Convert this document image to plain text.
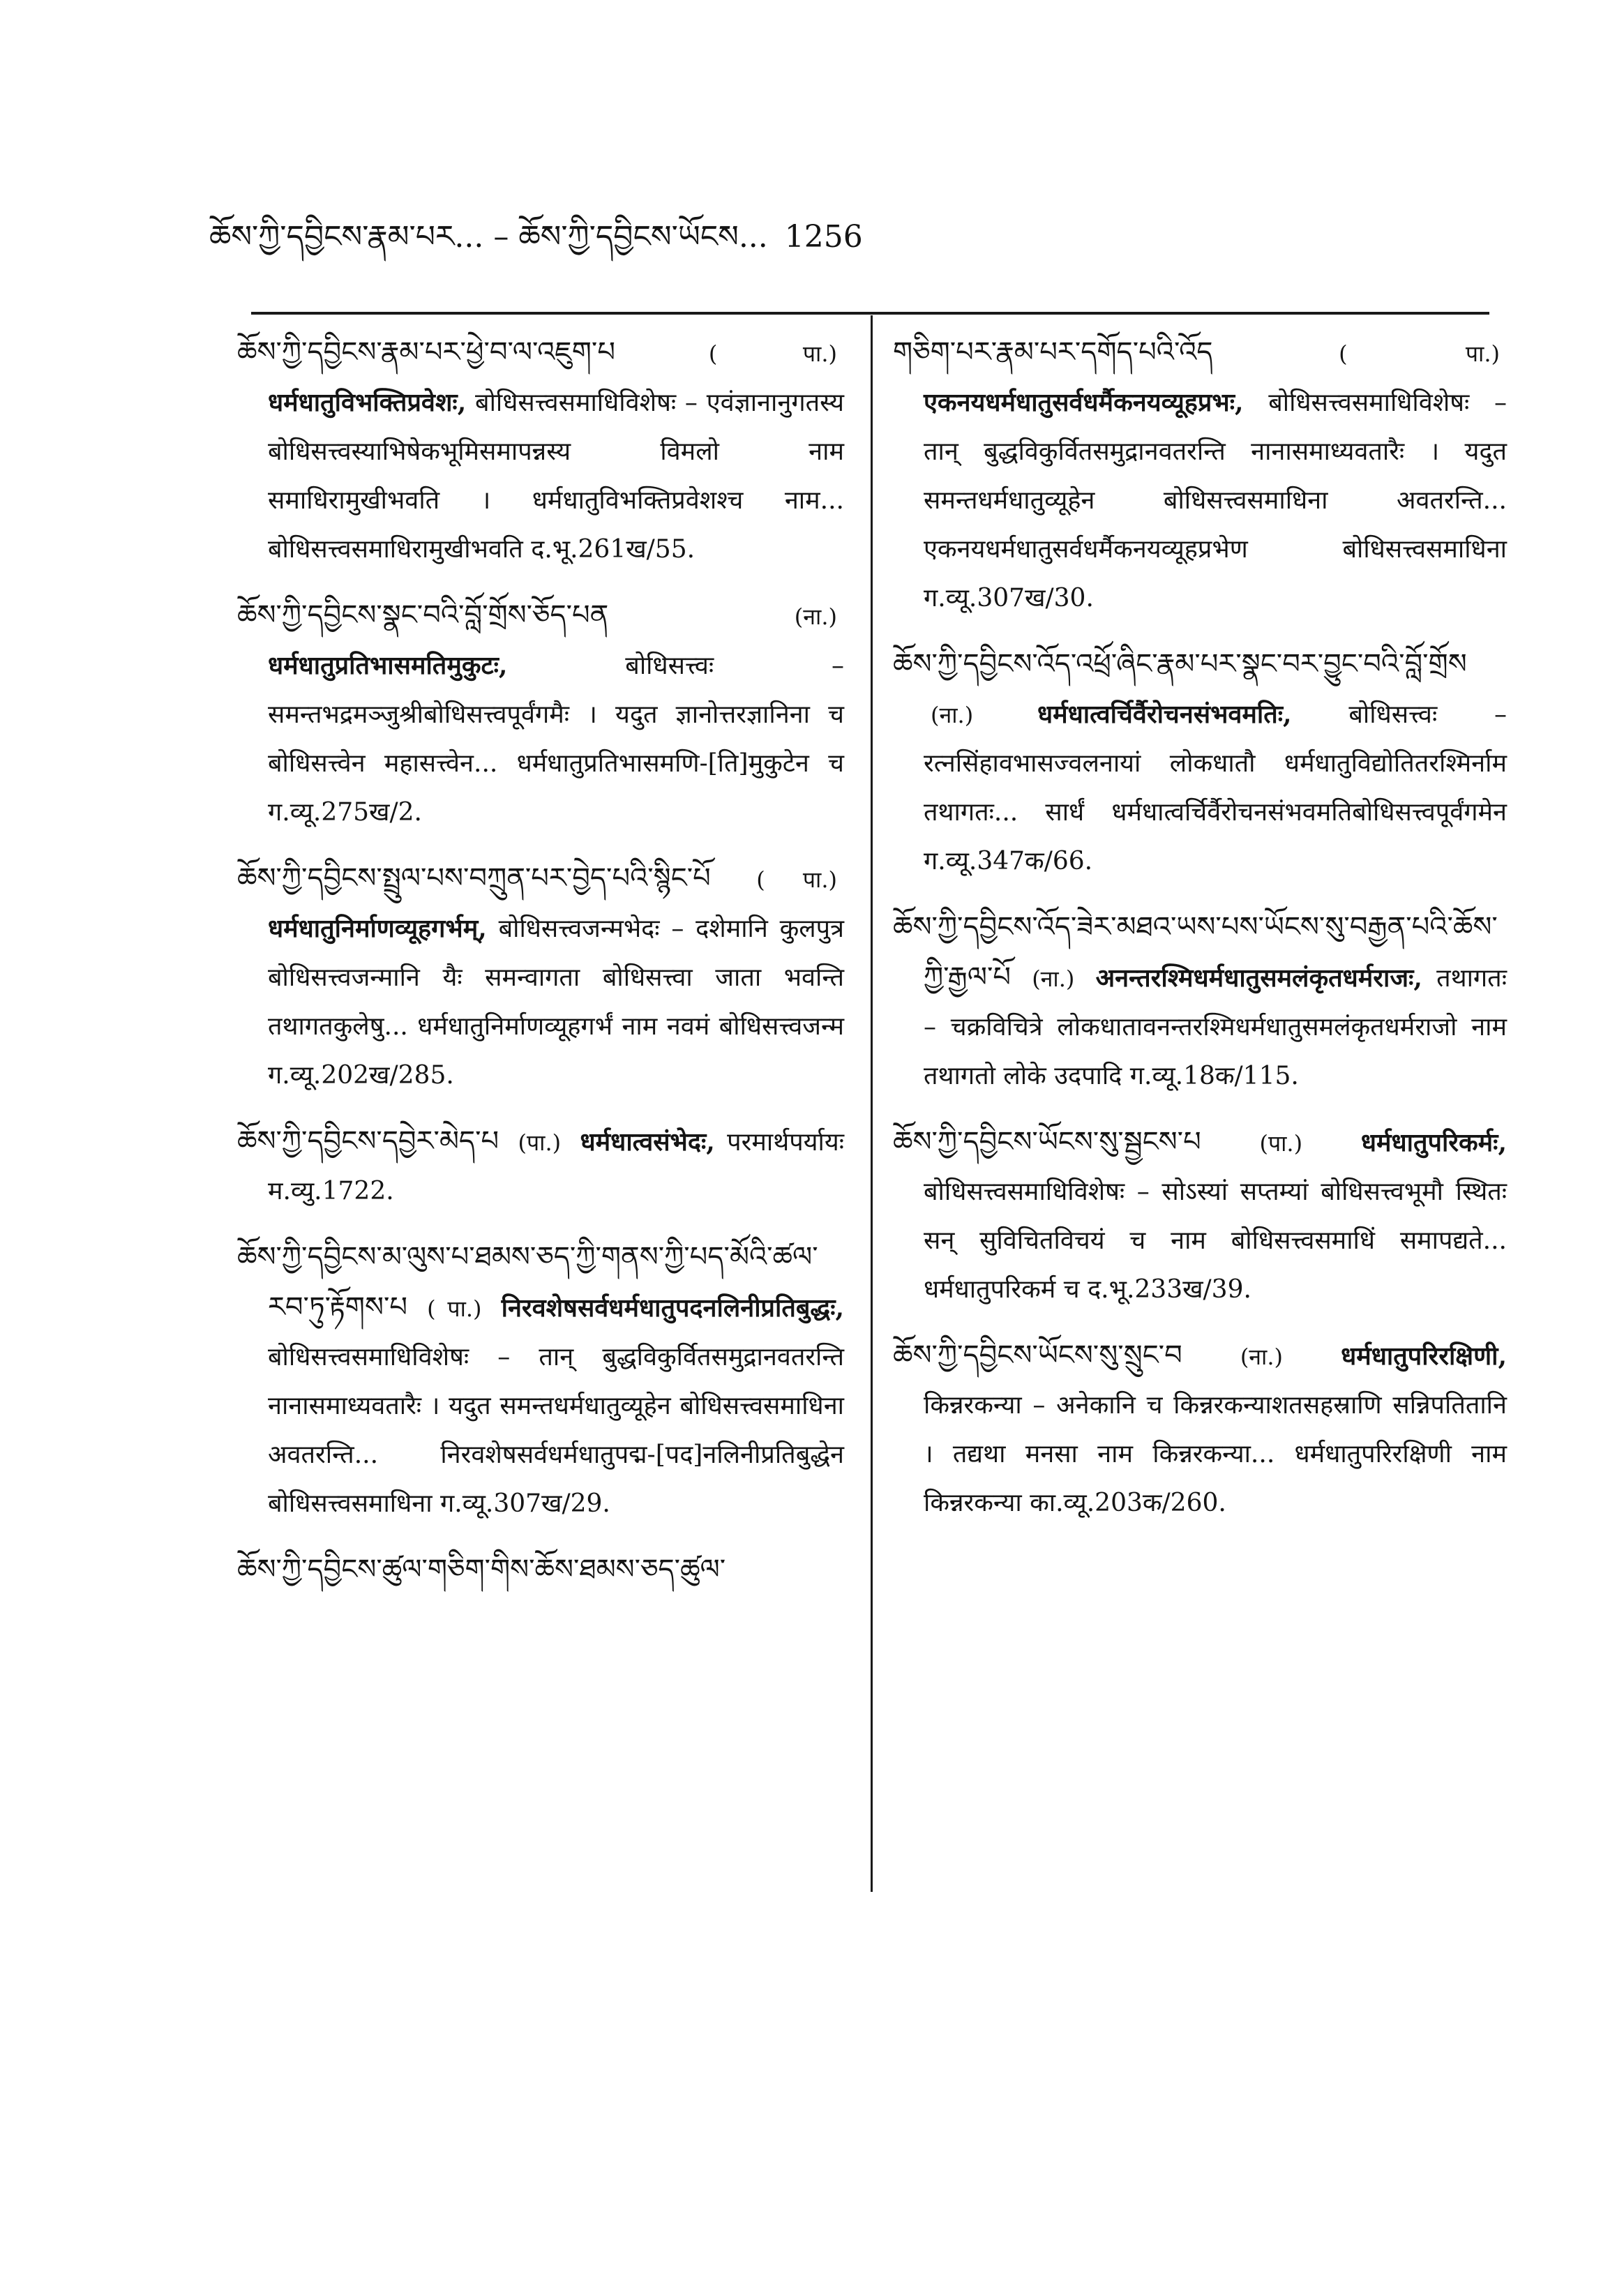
ཆོས་ཀྱི་དབྱིངས་རྣམ་པར... – ཆོས་ཀྱི་དབྱིངས་ཡོངས... 1256

ཆོས་ཀྱི་དབྱིངས་རྣམ་པར་ཕྱེ་བ་ལ་འཇུག་པ	( पा.) धर्मधातुविभक्तिप्रवेशः, बोधिसत्त्वसमाधिविशेषः – एवंज्ञानानुगतस्य बोधिसत्त्वस्याभिषेकभूमिसमापन्नस्य विमलो नाम समाधिरामुखीभवति । धर्मधातुविभक्तिप्रवेशश्च नाम... बोधिसत्त्वसमाधिरामुखीभवति द.भू.261ख/55.

ཆོས་ཀྱི་དབྱིངས་སྣང་བའི་བློ་གྲོས་ཅོད་པན	(ना.) धर्मधातुप्रतिभासमतिमुकुटः,	बोधिसत्त्वः – समन्तभद्रमञ्जुश्रीबोधिसत्त्वपूर्वंगमैः । यदुत ज्ञानोत्तरज्ञानिना च बोधिसत्त्वेन महासत्त्वेन... धर्मधातुप्रतिभासमणि-[ति]मुकुटेन च ग.व्यू.275ख/2.

ཆོས་ཀྱི་དབྱིངས་སྤྲུལ་པས་བཀྲུན་པར་བྱེད་པའི་སྙིང་པོ ( पा.) धर्मधातुनिर्माणव्यूहगर्भम्, बोधिसत्त्वजन्मभेदः – दशेमानि कुलपुत्र बोधिसत्त्वजन्मानि यैः समन्वागता बोधिसत्त्वा जाता भवन्ति तथागतकुलेषु... धर्मधातुनिर्माणव्यूहगर्भं नाम नवमं बोधिसत्त्वजन्म ग.व्यू.202ख/285.

ཆོས་ཀྱི་དབྱིངས་དབྱེར་མེད་པ (पा.) धर्मधात्वसंभेदः, परमार्थपर्यायः म.व्यु.1722.

ཆོས་ཀྱི་དབྱིངས་མ་ལུས་པ་ཐམས་ཅད་ཀྱི་གནས་ཀྱི་པད་མོའི་ཚལ་རབ་ཏུ་རྟོགས་པ ( पा.) निरवशेषसर्वधर्मधातुपदनलिनीप्रतिबुद्धः, बोधिसत्त्वसमाधिविशेषः – तान् बुद्धविकुर्वितसमुद्रानवतरन्ति नानासमाध्यवतारैः । यदुत समन्तधर्मधातुव्यूहेन बोधिसत्त्वसमाधिना अवतरन्ति... निरवशेषसर्वधर्मधातुपद्म-[पद]नलिनीप्रतिबुद्धेन बोधिसत्त्वसमाधिना ग.व्यू.307ख/29.

ཆོས་ཀྱི་དབྱིངས་ཚུལ་གཅིག་གིས་ཆོས་ཐམས་ཅད་ཚུལ་

གཅིག་པར་རྣམ་པར་དགོད་པའི་འོད	( पा.) एकनयधर्मधातुसर्वधर्मैकनयव्यूहप्रभः, बोधिसत्त्वसमाधिविशेषः – तान् बुद्धविकुर्वितसमुद्रानवतरन्ति नानासमाध्यवतारैः । यदुत समन्तधर्मधातुव्यूहेन बोधिसत्त्वसमाधिना अवतरन्ति... एकनयधर्मधातुसर्वधर्मैकनयव्यूहप्रभेण बोधिसत्त्वसमाधिना ग.व्यू.307ख/30.

ཆོས་ཀྱི་དབྱིངས་འོད་འཕྲོ་ཞིང་རྣམ་པར་སྣང་བར་བྱུང་བའི་བློ་གྲོས (ना.)	धर्मधात्वर्चिर्वैरोचनसंभवमतिः, बोधिसत्त्वः – रत्नसिंहावभासज्वलनायां लोकधातौ धर्मधातुविद्योतितरश्मिर्नाम तथागतः... सार्धं धर्मधात्वर्चिर्वैरोचनसंभवमतिबोधिसत्त्वपूर्वंगमेन ग.व्यू.347क/66.

ཆོས་ཀྱི་དབྱིངས་འོད་ཟེར་མཐའ་ཡས་པས་ཡོངས་སུ་བརྒྱན་པའི་ཆོས་ཀྱི་རྒྱལ་པོ (ना.) अनन्तरश्मिधर्मधातुसमलंकृतधर्मराजः, तथागतः – चक्रविचित्रे लोकधातावनन्तरश्मिधर्मधातुसमलंकृतधर्मराजो नाम तथागतो लोके उदपादि ग.व्यू.18क/115.

ཆོས་ཀྱི་དབྱིངས་ཡོངས་སུ་སྦྱངས་པ	(पा.) धर्मधातुपरिकर्मः, बोधिसत्त्वसमाधिविशेषः – सोऽस्यां सप्तम्यां बोधिसत्त्वभूमौ स्थितः सन् सुविचितविचयं च नाम बोधिसत्त्वसमाधिं समापद्यते... धर्मधातुपरिकर्म च द.भू.233ख/39.

ཆོས་ཀྱི་དབྱིངས་ཡོངས་སུ་སྲུང་བ	(ना.) धर्मधातुपरिरक्षिणी, किन्नरकन्या – अनेकानि च किन्नरकन्याशतसहस्राणि सन्निपतितानि । तद्यथा मनसा नाम किन्नरकन्या... धर्मधातुपरिरक्षिणी नाम किन्नरकन्या का.व्यू.203क/260.
